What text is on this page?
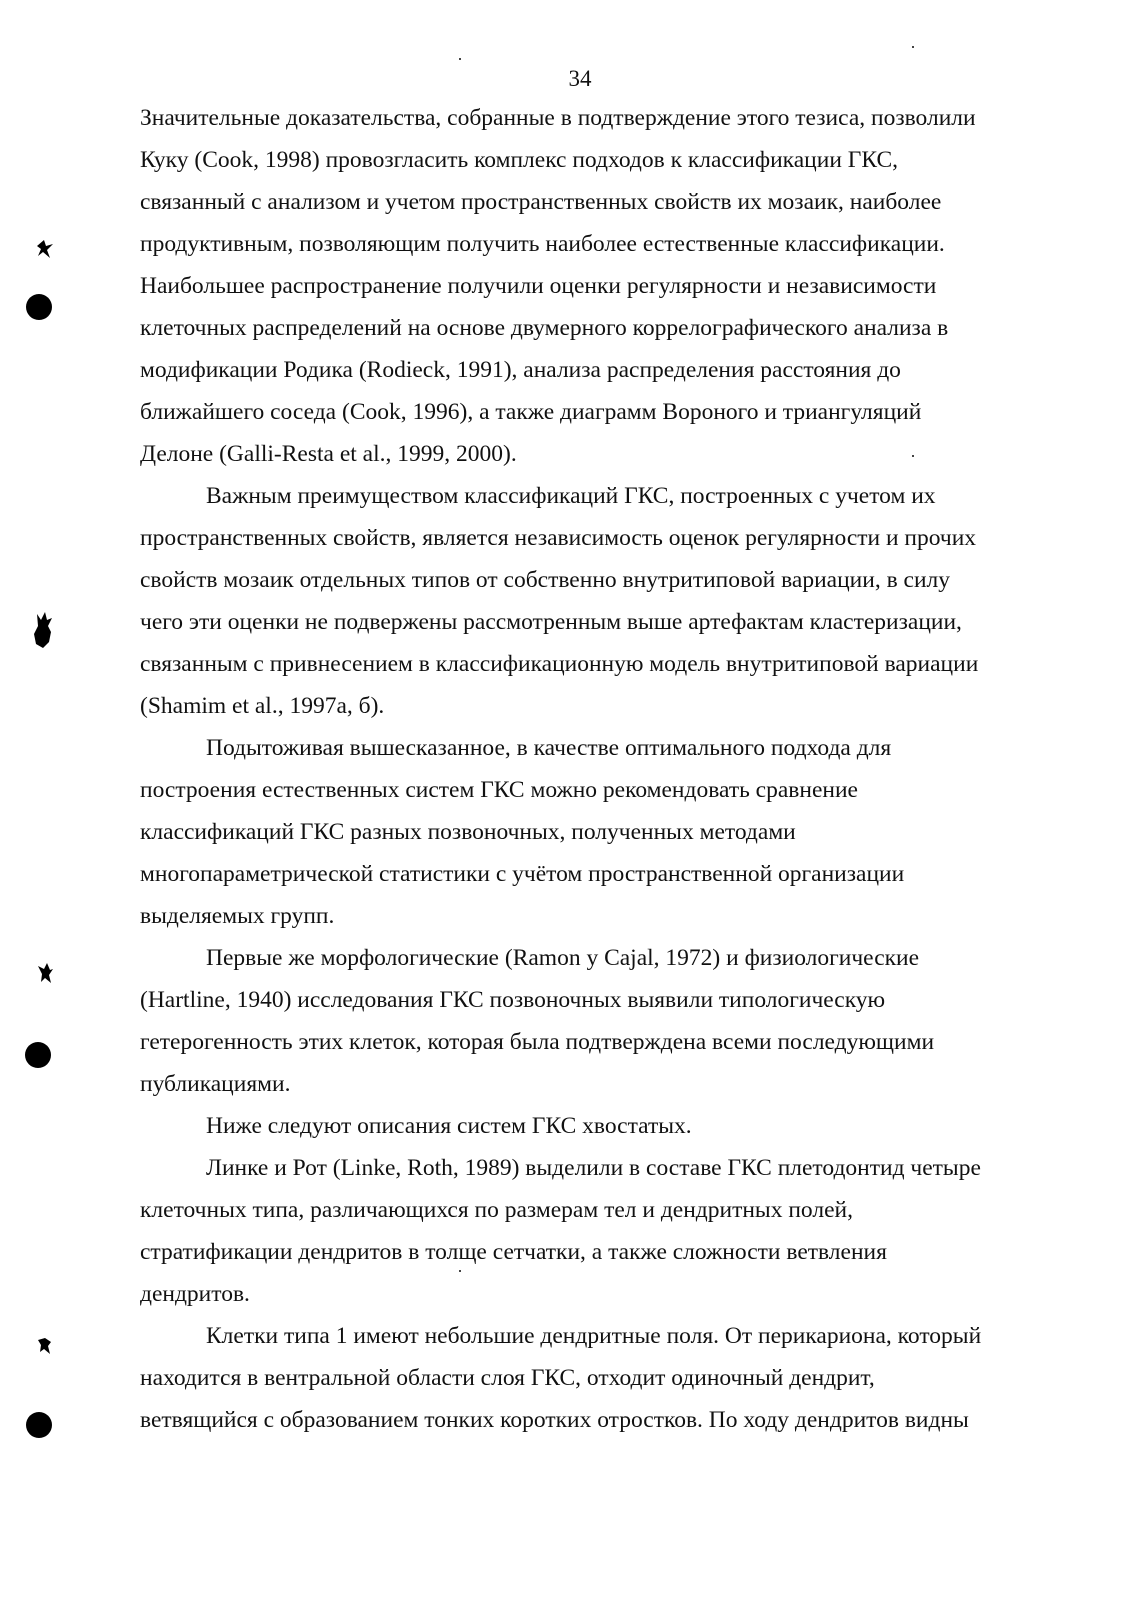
34
Значительные доказательства, собранные в подтверждение этого тезиса, позволили
Куку (Cook, 1998) провозгласить комплекс подходов к классификации ГКС,
связанный с анализом и учетом пространственных свойств их мозаик, наиболее
продуктивным, позволяющим получить наиболее естественные классификации.
Наибольшее распространение получили оценки регулярности и независимости
клеточных распределений на основе двумерного коррелографического анализа в
модификации Родика (Rodieck, 1991), анализа распределения расстояния до
ближайшего соседа (Cook, 1996), а также диаграмм Вороного и триангуляций
Делоне (Galli-Resta et al., 1999, 2000).
Важным преимуществом классификаций ГКС, построенных с учетом их
пространственных свойств, является независимость оценок регулярности и прочих
свойств мозаик отдельных типов от собственно внутритиповой вариации, в силу
чего эти оценки не подвержены рассмотренным выше артефактам кластеризации,
связанным с привнесением в классификационную модель внутритиповой вариации
(Shamim et al., 1997a, б).
Подытоживая вышесказанное, в качестве оптимального подхода для
построения естественных систем ГКС можно рекомендовать сравнение
классификаций ГКС разных позвоночных, полученных методами
многопараметрической статистики с учётом пространственной организации
выделяемых групп.
Первые же морфологические (Ramon y Cajal, 1972) и физиологические
(Hartline, 1940) исследования ГКС позвоночных выявили типологическую
гетерогенность этих клеток, которая была подтверждена всеми последующими
публикациями.
Ниже следуют описания систем ГКС хвостатых.
Линке и Рот (Linke, Roth, 1989) выделили в составе ГКС плетодонтид четыре
клеточных типа, различающихся по размерам тел и дендритных полей,
стратификации дендритов в толще сетчатки, а также сложности ветвления
дендритов.
Клетки типа 1 имеют небольшие дендритные поля. От перикариона, который
находится в вентральной области слоя ГКС, отходит одиночный дендрит,
ветвящийся с образованием тонких коротких отростков. По ходу дендритов видны
